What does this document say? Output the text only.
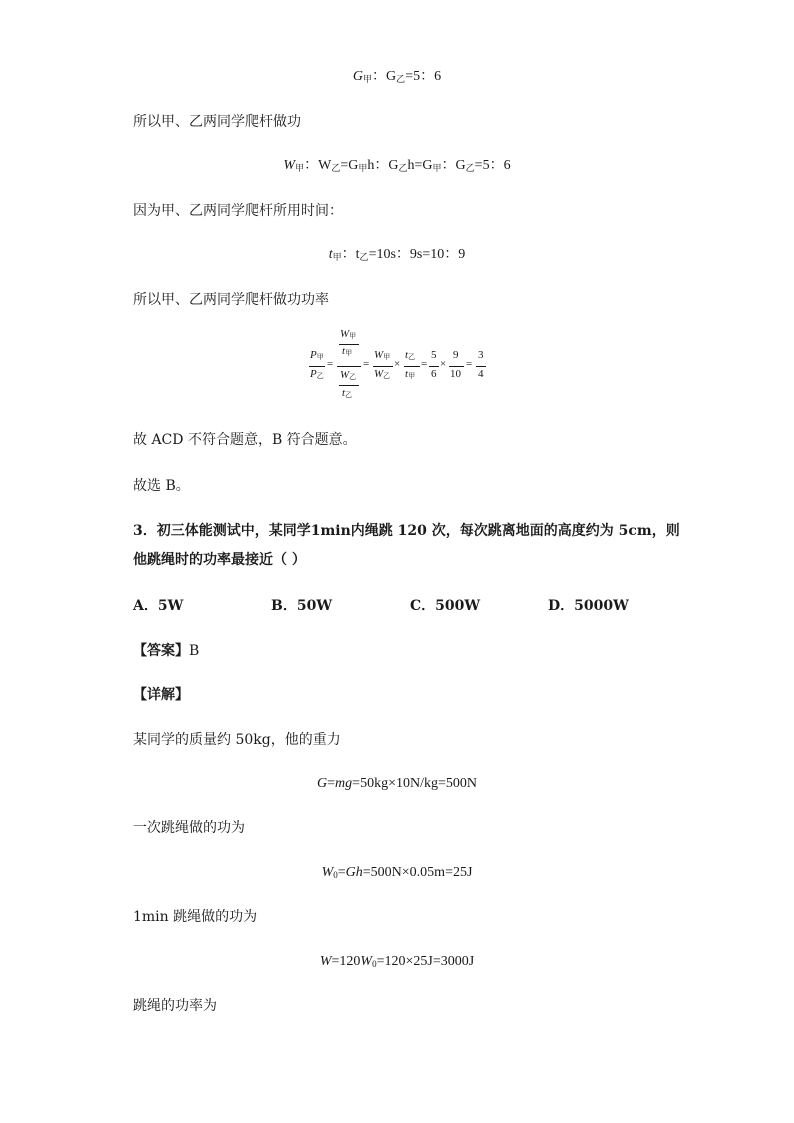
$G_甲$：$G_乙=5$：6
所以甲、乙两同学爬杆做功
$W_甲$：$W_乙=G_甲h$：$G_乙h=G_甲$：$G_乙=5$：6
因为甲、乙两同学爬杆所用时间：
$t_甲$：$t_乙=10s$：9s=10：9
所以甲、乙两同学爬杆做功功率
$P_甲$
$P_乙$
=
$W_甲$
$t_甲$
$W_乙$
$t_乙$
=
$W_甲$
$W_乙$
×
$t_乙$
$t_甲$
=
5
6
×
9
10
=
3
4
故 ACD 不符合题意，B 符合题意。
故选 B。
3．初三体能测试中，某同学1min内绳跳 120 次，每次跳离地面的高度约为 5cm，则
他跳绳时的功率最接近（ ）
A．5W	B．50W	C．500W	D．5000W
【答案】B
【详解】
某同学的质量约 50kg，他的重力
G=mg=50kg×10N/kg=500N
一次跳绳做的功为
$W_0=Gh=500N\times 0.05m=25J$
1min 跳绳做的功为
$W=120W_0=120\times 25J=3000J$
跳绳的功率为
